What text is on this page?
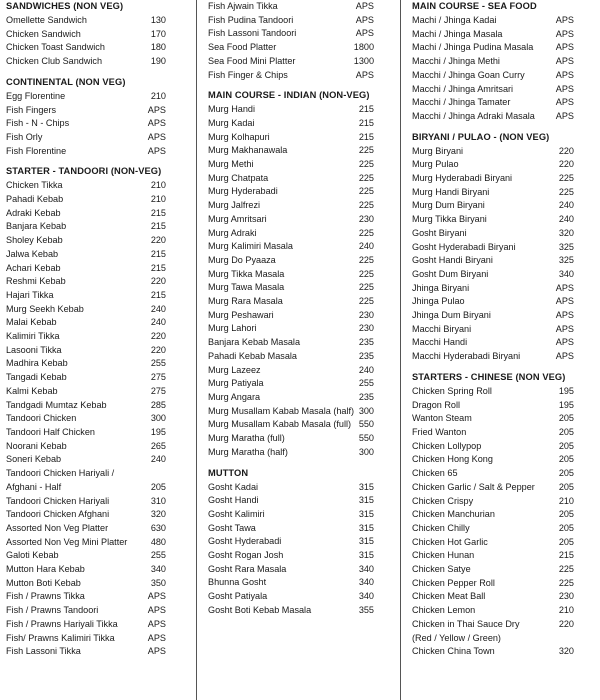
SANDWICHES (NON VEG)
Omellette Sandwich	130
Chicken Sandwich	170
Chicken Toast Sandwich	180
Chicken Club Sandwich	190
CONTINENTAL (NON VEG)
Egg Florentine	210
Fish Fingers	APS
Fish - N - Chips	APS
Fish Orly	APS
Fish Florentine	APS
STARTER - TANDOORI (NON-VEG)
Chicken Tikka	210
Pahadi Kebab	210
Adraki Kebab	215
Banjara Kebab	215
Sholey Kebab	220
Jalwa Kebab	215
Achari Kebab	215
Reshmi Kebab	220
Hajari Tikka	215
Murg Seekh Kebab	240
Malai Kebab	240
Kalimiri Tikka	220
Lasooni Tikka	220
Madhira Kebab	255
Tangadi Kebab	275
Kalmi Kebab	275
Tandgadi Mumtaz Kebab	285
Tandoori Chicken	300
Tandoori Half Chicken	195
Noorani Kebab	265
Soneri Kebab	240
Tandoori Chicken Hariyali /
Afghani - Half	205
Tandoori Chicken Hariyali	310
Tandoori Chicken Afghani	320
Assorted Non Veg Platter	630
Assorted Non Veg Mini Platter	480
Galoti Kebab	255
Mutton Hara Kebab	340
Mutton Boti Kebab	350
Fish / Prawns Tikka	APS
Fish / Prawns Tandoori	APS
Fish / Prawns Hariyali Tikka	APS
Fish/ Prawns Kalimiri Tikka	APS
Fish Lassoni Tikka	APS
Fish Ajwain Tikka	APS
Fish Pudina Tandoori	APS
Fish Lassoni Tandoori	APS
Sea Food Platter	1800
Sea Food Mini Platter	1300
Fish Finger & Chips	APS
MAIN COURSE - INDIAN (NON-VEG)
Murg Handi	215
Murg Kadai	215
Murg Kolhapuri	215
Murg Makhanawala	225
Murg Methi	225
Murg Chatpata	225
Murg Hyderabadi	225
Murg Jalfrezi	225
Murg Amritsari	230
Murg Adraki	225
Murg Kalimiri Masala	240
Murg Do Pyaaza	225
Murg Tikka Masala	225
Murg Tawa Masala	225
Murg Rara Masala	225
Murg Peshawari	230
Murg Lahori	230
Banjara Kebab Masala	235
Pahadi Kebab Masala	235
Murg Lazeez	240
Murg Patiyala	255
Murg Angara	235
Murg Musallam Kabab Masala (half) 300
Murg Musallam Kabab Masala (full) 550
Murg Maratha (full)	550
Murg Maratha (half)	300
MUTTON
Gosht Kadai	315
Gosht Handi	315
Gosht Kalimiri	315
Gosht Tawa	315
Gosht Hyderabadi	315
Gosht Rogan Josh	315
Gosht Rara Masala	340
Bhunna Gosht	340
Gosht Patiyala	340
Gosht Boti Kebab Masala	355
MAIN COURSE - SEA FOOD
Machi / Jhinga Kadai	APS
Machi / Jhinga Masala	APS
Machi / Jhinga Pudina Masala	APS
Macchi / Jhinga Methi	APS
Macchi / Jhinga Goan Curry	APS
Macchi / Jhinga Amritsari	APS
Macchi / Jhinga Tamater	APS
Macchi / Jhinga Adraki Masala	APS
BIRYANI / PULAO - (NON VEG)
Murg Biryani	220
Murg Pulao	220
Murg Hyderabadi Biryani	225
Murg Handi Biryani	225
Murg Dum Biryani	240
Murg Tikka Biryani	240
Gosht Biryani	320
Gosht Hyderabadi Biryani	325
Gosht Handi Biryani	325
Gosht Dum Biryani	340
Jhinga Biryani	APS
Jhinga Pulao	APS
Jhinga Dum Biryani	APS
Macchi Biryani	APS
Macchi Handi	APS
Macchi Hyderabadi Biryani	APS
STARTERS - CHINESE (NON VEG)
Chicken Spring Roll	195
Dragon Roll	195
Wanton Steam	205
Fried Wanton	205
Chicken Lollypop	205
Chicken Hong Kong	205
Chicken 65	205
Chicken Garlic / Salt & Pepper	205
Chicken Crispy	210
Chicken Manchurian	205
Chicken Chilly	205
Chicken Hot Garlic	205
Chicken Hunan	215
Chicken Satye	225
Chicken Pepper Roll	225
Chicken Meat Ball	230
Chicken Lemon	210
Chicken in Thai Sauce Dry	220
(Red / Yellow / Green)
Chicken China Town	320
